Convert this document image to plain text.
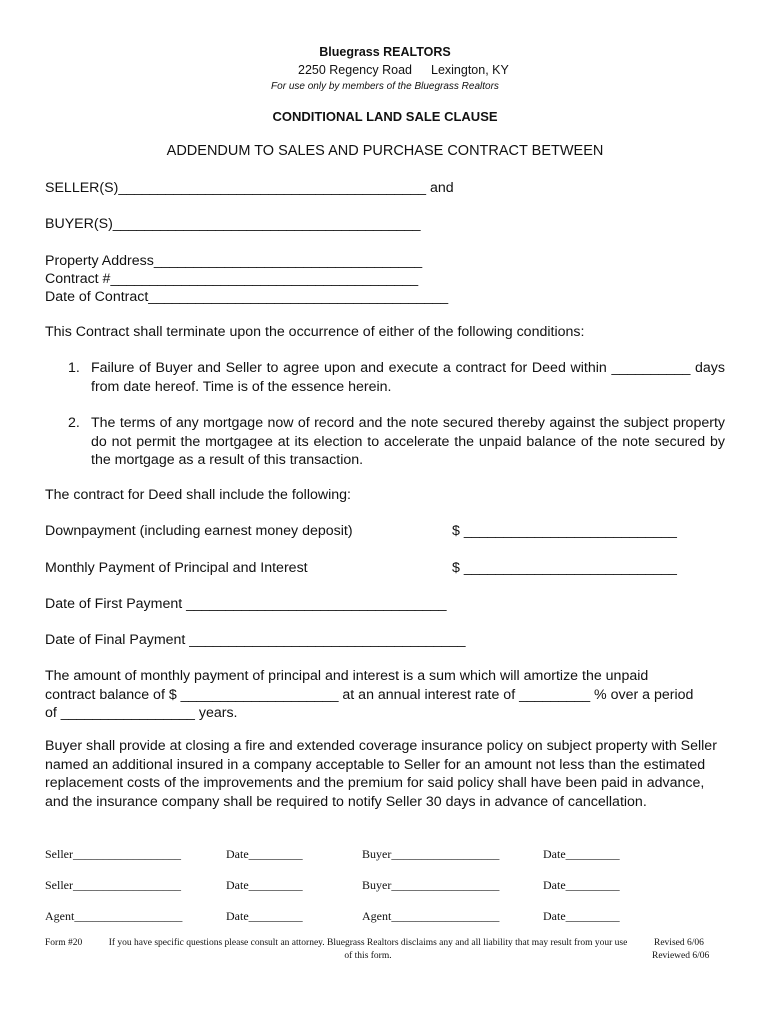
Bluegrass REALTORS
2250 Regency Road Lexington, KY
For use only by members of the Bluegrass Realtors
CONDITIONAL LAND SALE CLAUSE
ADDENDUM TO SALES AND PURCHASE CONTRACT BETWEEN
SELLER(S)_______________________________________ and
BUYER(S)_______________________________________
Property Address__________________________________
Contract #_______________________________________
Date of Contract______________________________________
This Contract shall terminate upon the occurrence of either of the following conditions:
1. Failure of Buyer and Seller to agree upon and execute a contract for Deed within __________ days from date hereof. Time is of the essence herein.
2. The terms of any mortgage now of record and the note secured thereby against the subject property do not permit the mortgagee at its election to accelerate the unpaid balance of the note secured by the mortgage as a result of this transaction.
The contract for Deed shall include the following:
Downpayment (including earnest money deposit)	$ ___________________________
Monthly Payment of Principal and Interest	$ ___________________________
Date of First Payment _________________________________
Date of Final Payment ___________________________________
The amount of monthly payment of principal and interest is a sum which will amortize the unpaid contract balance of $ ____________________ at an annual interest rate of _________ % over a period of _________________ years.
Buyer shall provide at closing a fire and extended coverage insurance policy on subject property with Seller named an additional insured in a company acceptable to Seller for an amount not less than the estimated replacement costs of the improvements and the premium for said policy shall have been paid in advance, and the insurance company shall be required to notify Seller 30 days in advance of cancellation.
Seller__________________	Date_________	Buyer__________________	Date_________
Seller__________________	Date_________	Buyer__________________	Date_________
Agent__________________	Date_________	Agent__________________	Date_________
Form #20	If you have specific questions please consult an attorney. Bluegrass Realtors disclaims any and all liability that may result from your use of this form.
Revised 6/06
Reviewed 6/06
